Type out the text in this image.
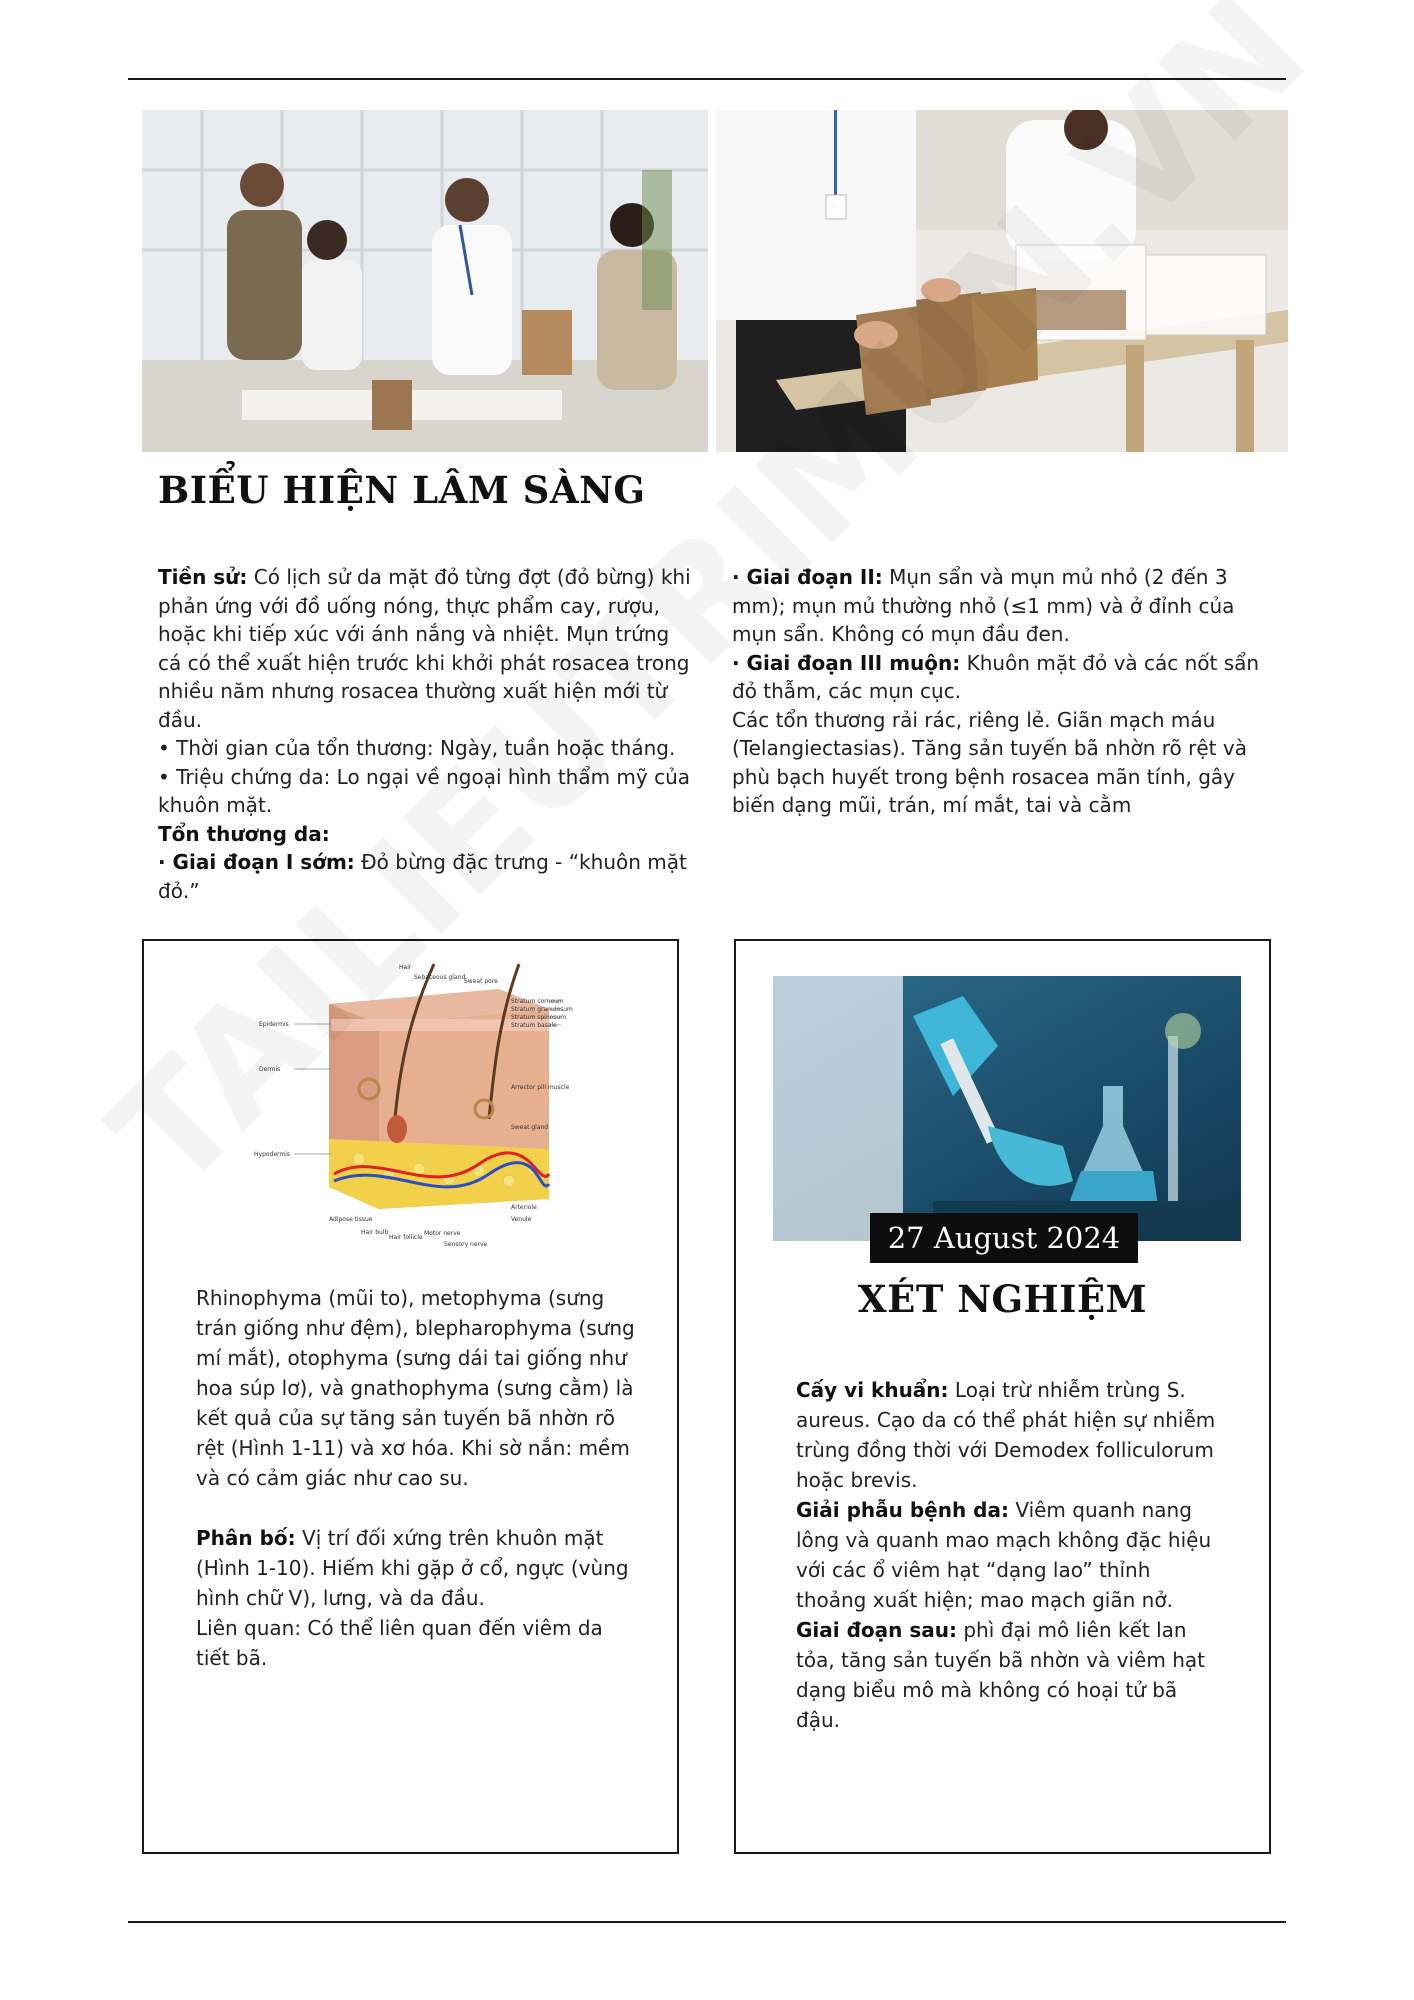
BIỂU HIỆN LÂM SÀNG

Tiền sử: Có lịch sử da mặt đỏ từng đợt (đỏ bừng) khi phản ứng với đồ uống nóng, thực phẩm cay, rượu, hoặc khi tiếp xúc với ánh nắng và nhiệt. Mụn trứng cá có thể xuất hiện trước khi khởi phát rosacea trong nhiều năm nhưng rosacea thường xuất hiện mới từ đầu.

• Thời gian của tổn thương: Ngày, tuần hoặc tháng.

• Triệu chứng da: Lo ngại về ngoại hình thẩm mỹ của khuôn mặt.

Tổn thương da:

· Giai đoạn I sớm: Đỏ bừng đặc trưng - “khuôn mặt đỏ.”

· Giai đoạn II: Mụn sẩn và mụn mủ nhỏ (2 đến 3 mm); mụn mủ thường nhỏ (≤1 mm) và ở đỉnh của mụn sẩn. Không có mụn đầu đen.

· Giai đoạn III muộn: Khuôn mặt đỏ và các nốt sẩn đỏ thẫm, các mụn cục.

Các tổn thương rải rác, riêng lẻ. Giãn mạch máu (Telangiectasias). Tăng sản tuyến bã nhờn rõ rệt và phù bạch huyết trong bệnh rosacea mãn tính, gây biến dạng mũi, trán, mí mắt, tai và cằm

Hair
Sebaceous gland
Sweat pore
Stratum corneum
Stratum granulosum
Stratum spinosum
Stratum basale
Epidermis
Dermis
Hypodermis
Arrector pili muscle
Sweat gland
Arteriole
Venule
Adipose tissue
Hair bulb
Hair follicle
Motor nerve
Sensory nerve

Rhinophyma (mũi to), metophyma (sưng trán giống như đệm), blepharophyma (sưng mí mắt), otophyma (sưng dái tai giống như hoa súp lơ), và gnathophyma (sưng cằm) là kết quả của sự tăng sản tuyến bã nhờn rõ rệt (Hình 1-11) và xơ hóa. Khi sờ nắn: mềm và có cảm giác như cao su.

Phân bố: Vị trí đối xứng trên khuôn mặt (Hình 1-10). Hiếm khi gặp ở cổ, ngực (vùng hình chữ V), lưng, và da đầu.

Liên quan: Có thể liên quan đến viêm da tiết bã.

27 August 2024
XÉT NGHIỆM

Cấy vi khuẩn: Loại trừ nhiễm trùng S. aureus. Cạo da có thể phát hiện sự nhiễm trùng đồng thời với Demodex folliculorum hoặc brevis.

Giải phẫu bệnh da: Viêm quanh nang lông và quanh mao mạch không đặc hiệu với các ổ viêm hạt “dạng lao” thỉnh thoảng xuất hiện; mao mạch giãn nở.

Giai đoạn sau: phì đại mô liên kết lan tỏa, tăng sản tuyến bã nhờn và viêm hạt dạng biểu mô mà không có hoại tử bã đậu.
